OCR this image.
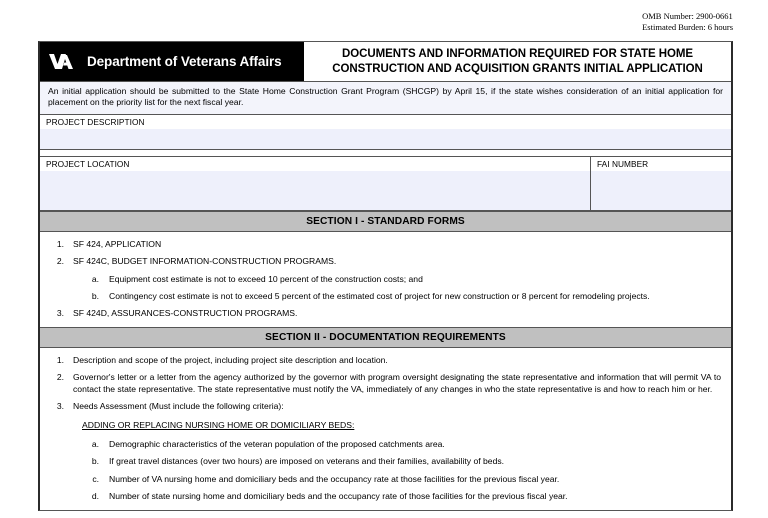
OMB Number: 2900-0661
Estimated Burden: 6 hours
Department of Veterans Affairs	DOCUMENTS AND INFORMATION REQUIRED FOR STATE HOME
CONSTRUCTION AND ACQUISITION GRANTS INITIAL APPLICATION
An initial application should be submitted to the State Home Construction Grant Program (SHCGP) by April 15, if the state wishes consideration of an initial application for placement on the priority list for the next fiscal year.
PROJECT DESCRIPTION
PROJECT LOCATION	FAI NUMBER
SECTION I - STANDARD FORMS
1.	SF 424, APPLICATION
2.	SF 424C, BUDGET INFORMATION-CONSTRUCTION PROGRAMS.
a.	Equipment cost estimate is not to exceed 10 percent of the construction costs; and
b.	Contingency cost estimate is not to exceed 5 percent of the estimated cost of project for new construction or 8 percent for remodeling projects.
3.	SF 424D, ASSURANCES-CONSTRUCTION PROGRAMS.
SECTION II - DOCUMENTATION REQUIREMENTS
1.	Description and scope of the project, including project site description and location.
2.	Governor's letter or a letter from the agency authorized by the governor with program oversight designating the state representative and information that will permit VA to contact the state representative. The state representative must notify the VA, immediately of any changes in who the state representative is and how to reach him or her.
3.	Needs Assessment (Must include the following criteria):
ADDING OR REPLACING NURSING HOME OR DOMICILIARY BEDS:
a.	Demographic characteristics of the veteran population of the proposed catchments area.
b.	If great travel distances (over two hours) are imposed on veterans and their families, availability of beds.
c.	Number of VA nursing home and domiciliary beds and the occupancy rate at those facilities for the previous fiscal year.
d.	Number of state nursing home and domiciliary beds and the occupancy rate of those facilities for the previous fiscal year.
